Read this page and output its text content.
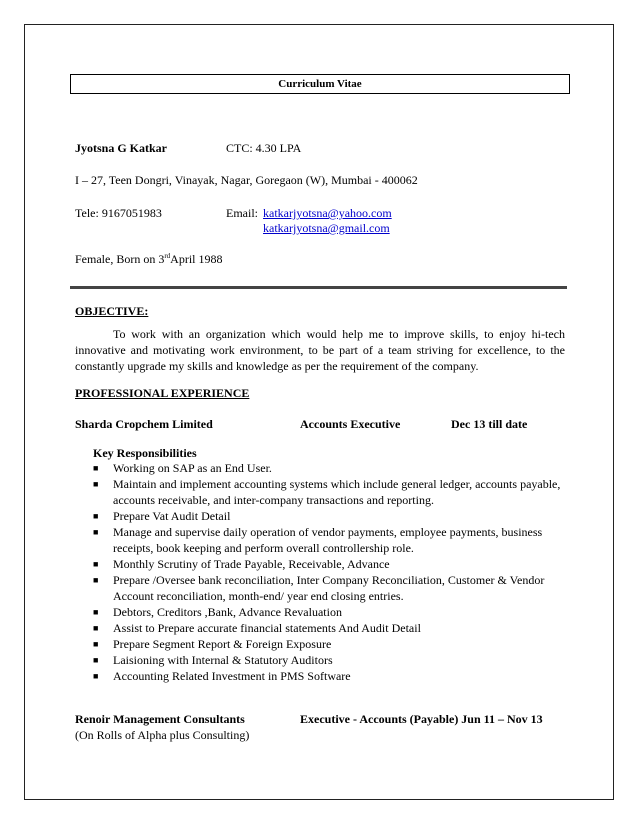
Curriculum Vitae
Jyotsna G Katkar	CTC: 4.30 LPA
I – 27, Teen Dongri, Vinayak, Nagar, Goregaon (W), Mumbai - 400062
Tele: 9167051983	Email: katkarjyotsna@yahoo.com
katkarjyotsna@gmail.com
Female, Born on 3rdApril 1988
OBJECTIVE:
To work with an organization which would help me to improve skills, to enjoy hi-tech innovative and motivating work environment, to be part of a team striving for excellence, to the constantly upgrade my skills and knowledge as per the requirement of the company.
PROFESSIONAL EXPERIENCE
Sharda Cropchem Limited	Accounts Executive	Dec 13 till date
Key Responsibilities
■ Working on SAP as an End User.
■ Maintain and implement accounting systems which include general ledger, accounts payable, accounts receivable, and inter-company transactions and reporting.
■ Prepare Vat Audit Detail
■ Manage and supervise daily operation of vendor payments, employee payments, business receipts, book keeping and perform overall controllership role.
■ Monthly Scrutiny of Trade Payable, Receivable, Advance
■ Prepare /Oversee bank reconciliation, Inter Company Reconciliation, Customer & Vendor Account reconciliation, month-end/ year end closing entries.
■ Debtors, Creditors ,Bank, Advance Revaluation
■ Assist to Prepare accurate financial statements And Audit Detail
■ Prepare Segment Report & Foreign Exposure
■ Laisioning with Internal & Statutory Auditors
■ Accounting Related Investment in PMS Software
Renoir Management Consultants	Executive - Accounts (Payable) Jun 11 – Nov 13
(On Rolls of Alpha plus Consulting)
